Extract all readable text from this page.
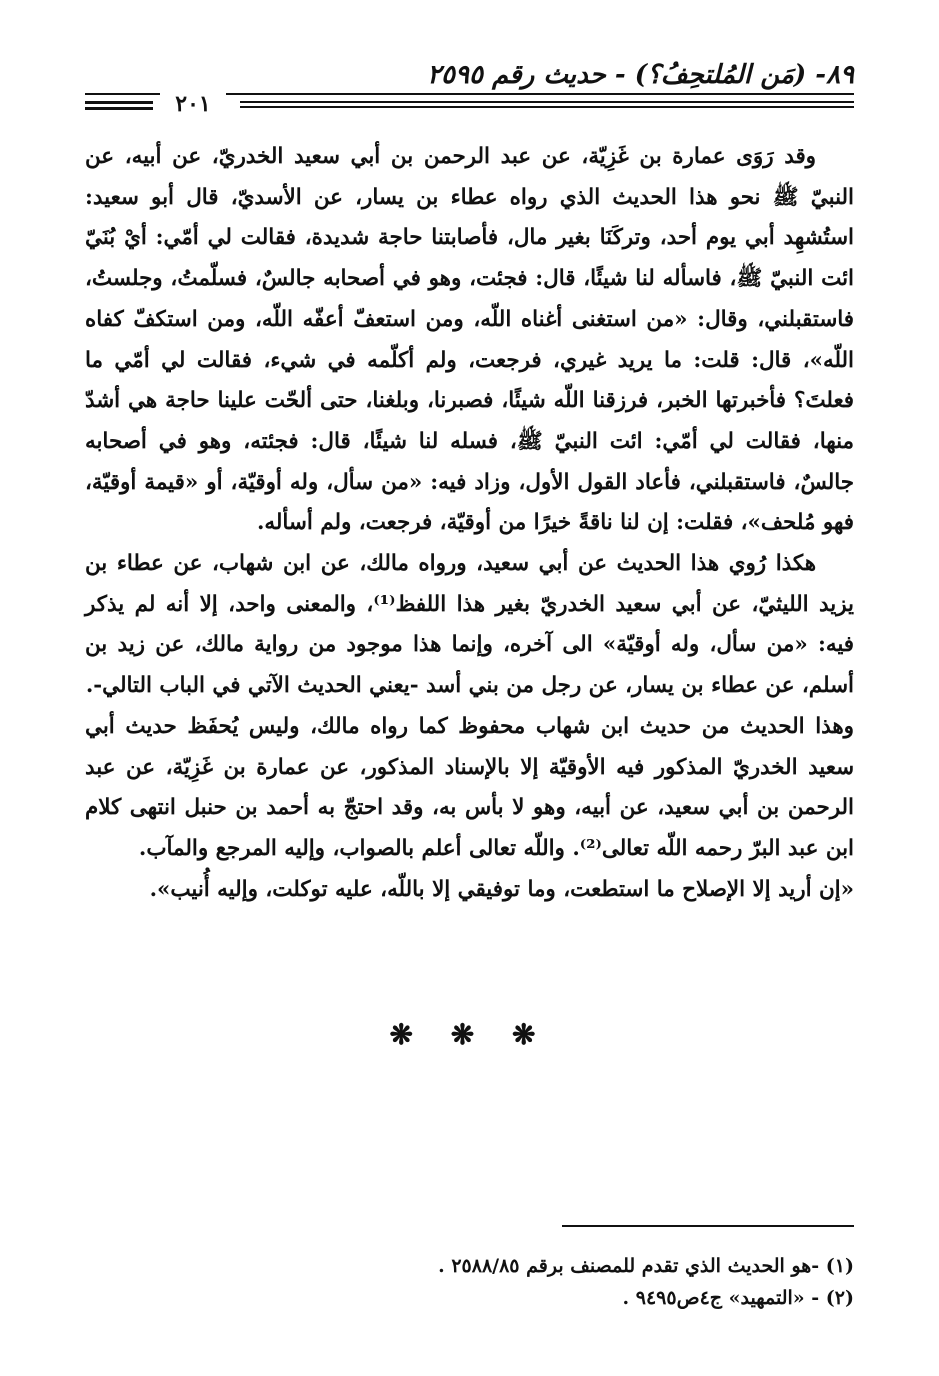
٨٩- (مَن المُلتحِفُ؟) - حديث رقم ٢٥٩٥
٢٠١

وقد رَوَى عمارة بن غَزِيّة، عن عبد الرحمن بن أبي سعيد الخدريّ، عن أبيه، عن النبيّ ﷺ نحو هذا الحديث الذي رواه عطاء بن يسار، عن الأسديّ، قال أبو سعيد: استُشهِد أبي يوم أحد، وتركَنَا بغير مال، فأصابتنا حاجة شديدة، فقالت لي أمّي: أيْ بُنَيّ ائت النبيّ ﷺ، فاسأله لنا شيئًا، قال: فجئت، وهو في أصحابه جالسٌ، فسلّمتُ، وجلستُ، فاستقبلني، وقال: «من استغنى أغناه اللّه، ومن استعفّ أعفّه اللّه، ومن استكفّ كفاه اللّه»، قال: قلت: ما يريد غيري، فرجعت، ولم أكلّمه في شيء، فقالت لي أمّي ما فعلتَ؟ فأخبرتها الخبر، فرزقنا اللّه شيئًا، فصبرنا، وبلغنا، حتى ألحّت علينا حاجة هي أشدّ منها، فقالت لي أمّي: ائت النبيّ ﷺ، فسله لنا شيئًا، قال: فجئته، وهو في أصحابه جالسٌ، فاستقبلني، فأعاد القول الأول، وزاد فيه: «من سأل، وله أوقيّة، أو «قيمة أوقيّة، فهو مُلحف»، فقلت: إن لنا ناقةً خيرًا من أوقيّة، فرجعت، ولم أسأله.

هكذا رُوي هذا الحديث عن أبي سعيد، ورواه مالك، عن ابن شهاب، عن عطاء بن يزيد الليثيّ، عن أبي سعيد الخدريّ بغير هذا اللفظ⁽¹⁾، والمعنى واحد، إلا أنه لم يذكر فيه: «من سأل، وله أوقيّة» الى آخره، وإنما هذا موجود من رواية مالك، عن زيد بن أسلم، عن عطاء بن يسار، عن رجل من بني أسد -يعني الحديث الآتي في الباب التالي-.

وهذا الحديث من حديث ابن شهاب محفوظ كما رواه مالك، وليس يُحفَظ حديث أبي سعيد الخدريّ المذكور فيه الأوقيّة إلا بالإسناد المذكور، عن عمارة بن غَزِيّة، عن عبد الرحمن بن أبي سعيد، عن أبيه، وهو لا بأس به، وقد احتجّ به أحمد بن حنبل انتهى كلام ابن عبد البرّ رحمه اللّه تعالى⁽²⁾. واللّه تعالى أعلم بالصواب، وإليه المرجع والمآب.

«إن أريد إلا الإصلاح ما استطعت، وما توفيقي إلا باللّه، عليه توكلت، وإليه أُنيب».

❋ ❋ ❋

(١) -هو الحديث الذي تقدم للمصنف برقم ٢٥٨٨/٨٥ .

(٢) - «التمهيد» ج٤ص٩٤٩٥ .
